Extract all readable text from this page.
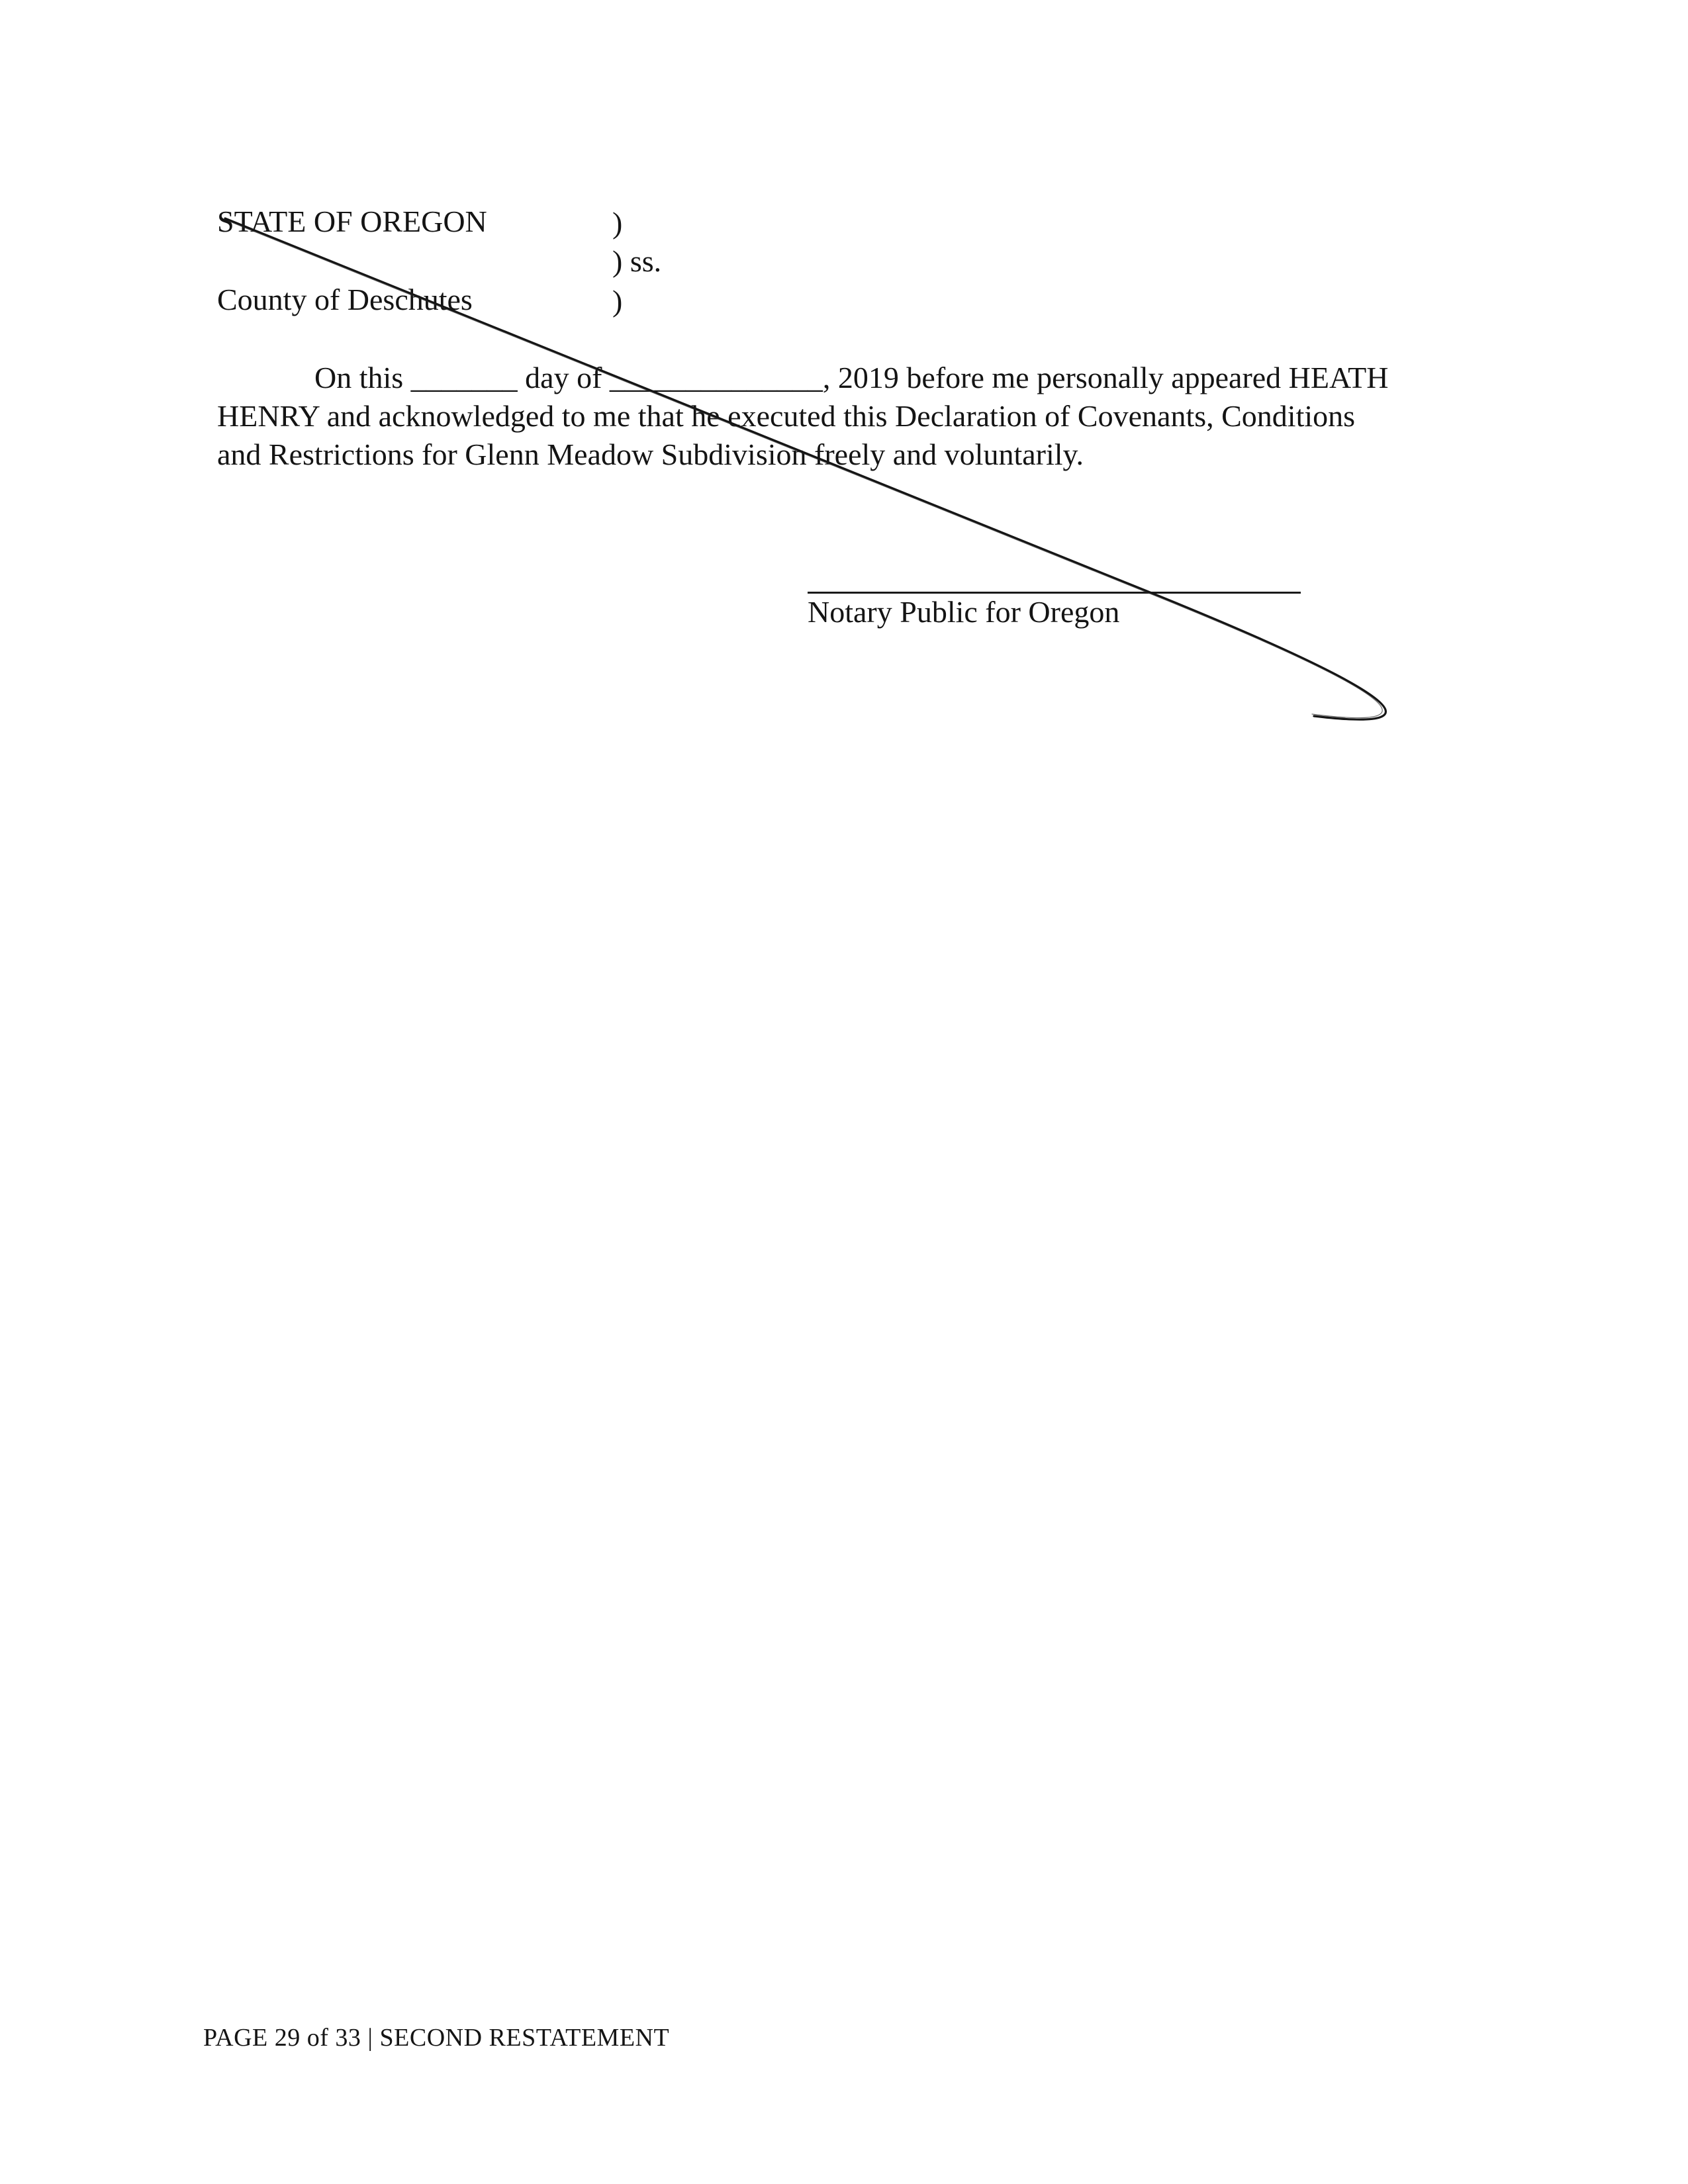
STATE OF OREGON	)
) ss.
County of Deschutes	)
On this _______ day of ______________, 2019 before me personally appeared HEATH
HENRY and acknowledged to me that he executed this Declaration of Covenants, Conditions
and Restrictions for Glenn Meadow Subdivision freely and voluntarily.
Notary Public for Oregon
PAGE 29 of 33 | SECOND RESTATEMENT
